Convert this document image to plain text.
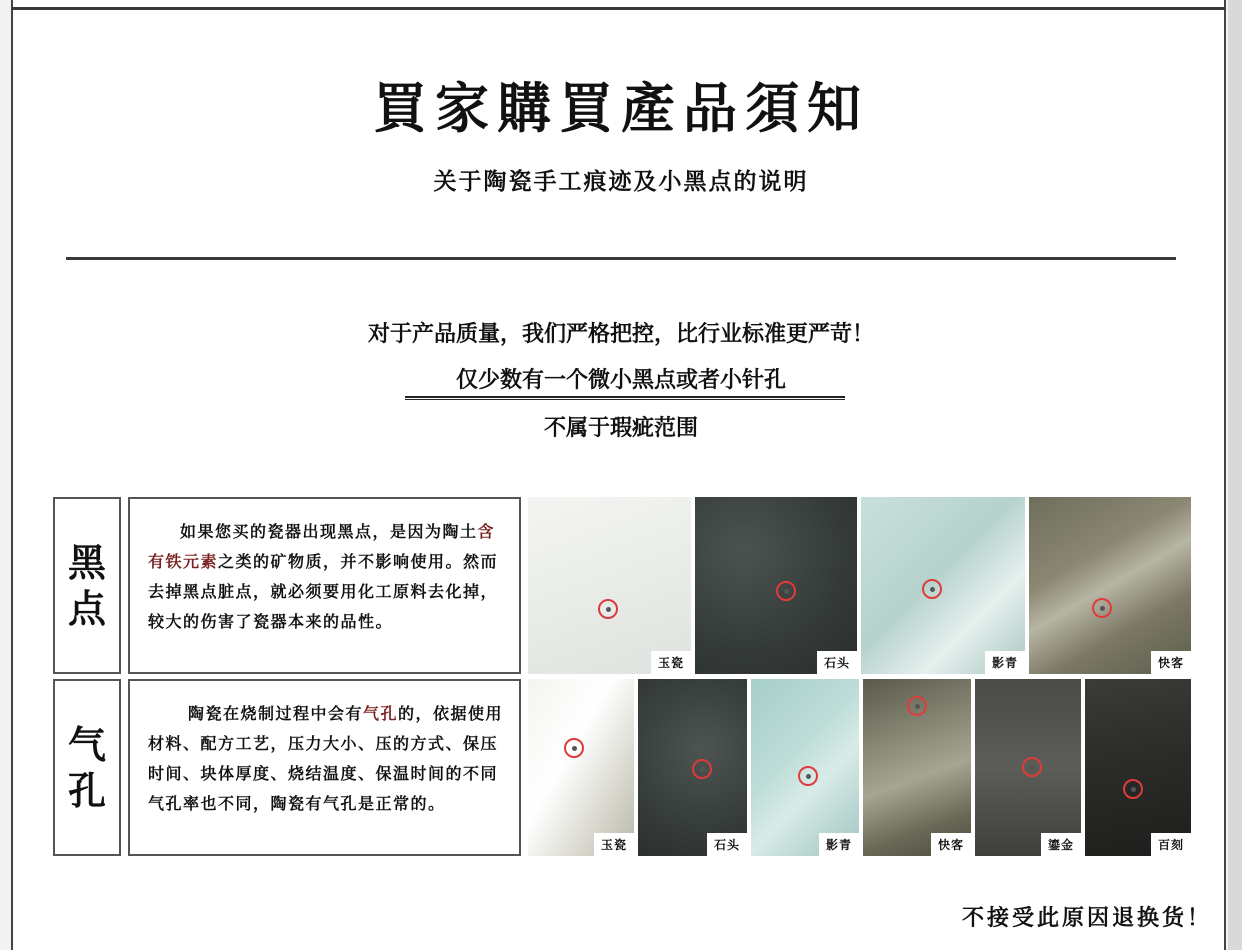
買家購買產品須知
关于陶瓷手工痕迹及小黑点的说明
对于产品质量，我们严格把控，比行业标准更严苛！
仅少数有一个微小黑点或者小针孔
不属于瑕疵范围
黑
点

如果您买的瓷器出现黑点，是因为陶土含有铁元素之类的矿物质，并不影响使用。然而去掉黑点脏点，就必须要用化工原料去化掉，较大的伤害了瓷器本来的品性。

玉瓷	石头	影青	快客
气
孔

陶瓷在烧制过程中会有气孔的，依据使用材料、配方工艺，压力大小、压的方式、保压时间、块体厚度、烧结温度、保温时间的不同气孔率也不同，陶瓷有气孔是正常的。

玉瓷	石头	影青	快客	鎏金	百刻
不接受此原因退换货！
